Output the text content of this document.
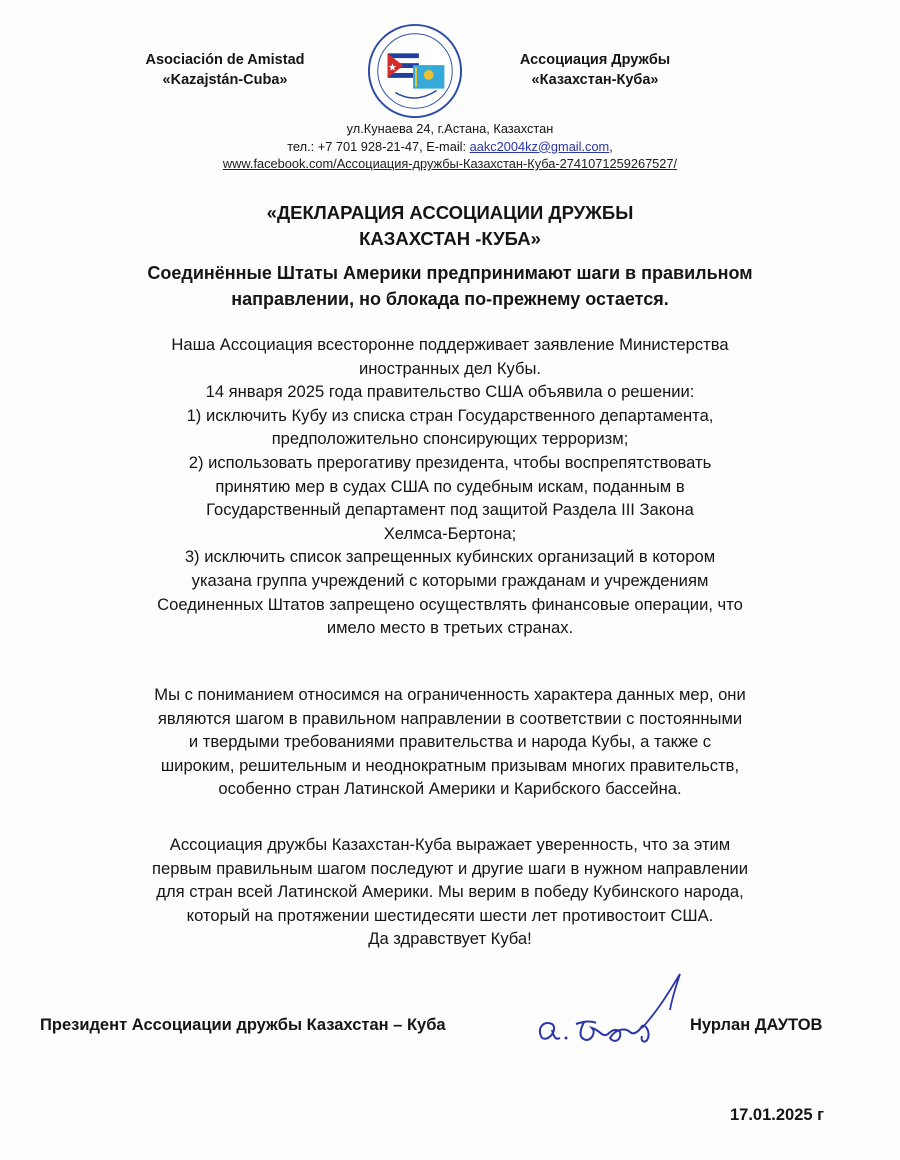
Asociación de Amistad
«Kazajstán-Cuba»
Ассоциация Дружбы
«Казахстан-Куба»
ул.Кунаева 24, г.Астана, Казахстан
тел.: +7 701 928-21-47, E-mail: aakc2004kz@gmail.com,
www.facebook.com/Ассоциация-дружбы-Казахстан-Куба-274107125926752​7/
«ДЕКЛАРАЦИЯ АССОЦИАЦИИ ДРУЖБЫ
КАЗАХСТАН -КУБА»
Соединённые Штаты Америки предпринимают шаги в правильном
направлении, но блокада по-прежнему остается.
Наша Ассоциация всесторонне поддерживает заявление Министерства
иностранных дел Кубы.
14 января 2025 года правительство США объявила о решении:
1) исключить Кубу из списка стран Государственного департамента,
предположительно спонсирующих терроризм;
2) использовать прерогативу президента, чтобы воспрепятствовать
принятию мер в судах США по судебным искам, поданным в
Государственный департамент под защитой Раздела III Закона
Хелмса-Бертона;
3) исключить список запрещенных кубинских организаций в котором
указана группа учреждений с которыми гражданам и учреждениям
Соединенных Штатов запрещено осуществлять финансовые операции, что
имело место в третьих странах.
Мы с пониманием относимся на ограниченность характера данных мер, они
являются шагом в правильном направлении в соответствии с постоянными
и твердыми требованиями правительства и народа Кубы, а также с
широким, решительным и неоднократным призывам многих правительств,
особенно стран Латинской Америки и Карибского бассейна.
Ассоциация дружбы Казахстан-Куба выражает уверенность, что за этим
первым правильным шагом последуют и другие шаги в нужном направлении
для стран всей Латинской Америки. Мы верим в победу Кубинского народа,
который на протяжении шестидесяти шести лет противостоит США.
Да здравствует Куба!
Президент Ассоциации дружбы Казахстан – Куба	Нурлан ДАУТОВ
17.01.2025 г
